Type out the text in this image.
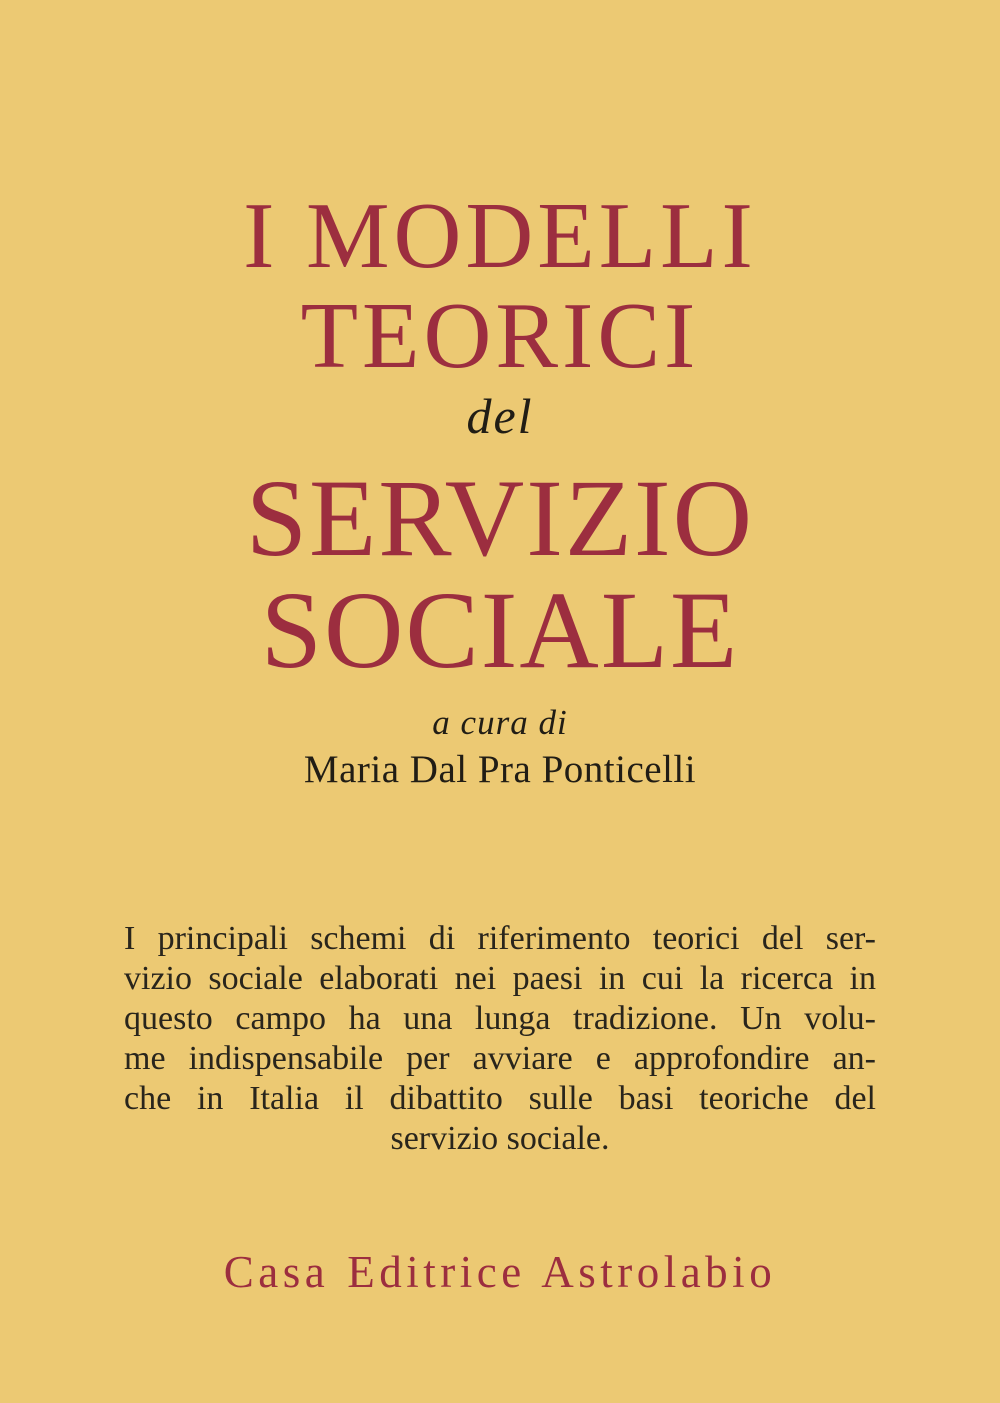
I MODELLI
TEORICI
del
SERVIZIO
SOCIALE
a cura di
Maria Dal Pra Ponticelli
I principali schemi di riferimento teorici del ser-
vizio sociale elaborati nei paesi in cui la ricerca in
questo campo ha una lunga tradizione. Un volu-
me indispensabile per avviare e approfondire an-
che in Italia il dibattito sulle basi teoriche del
servizio sociale.
Casa Editrice Astrolabio
